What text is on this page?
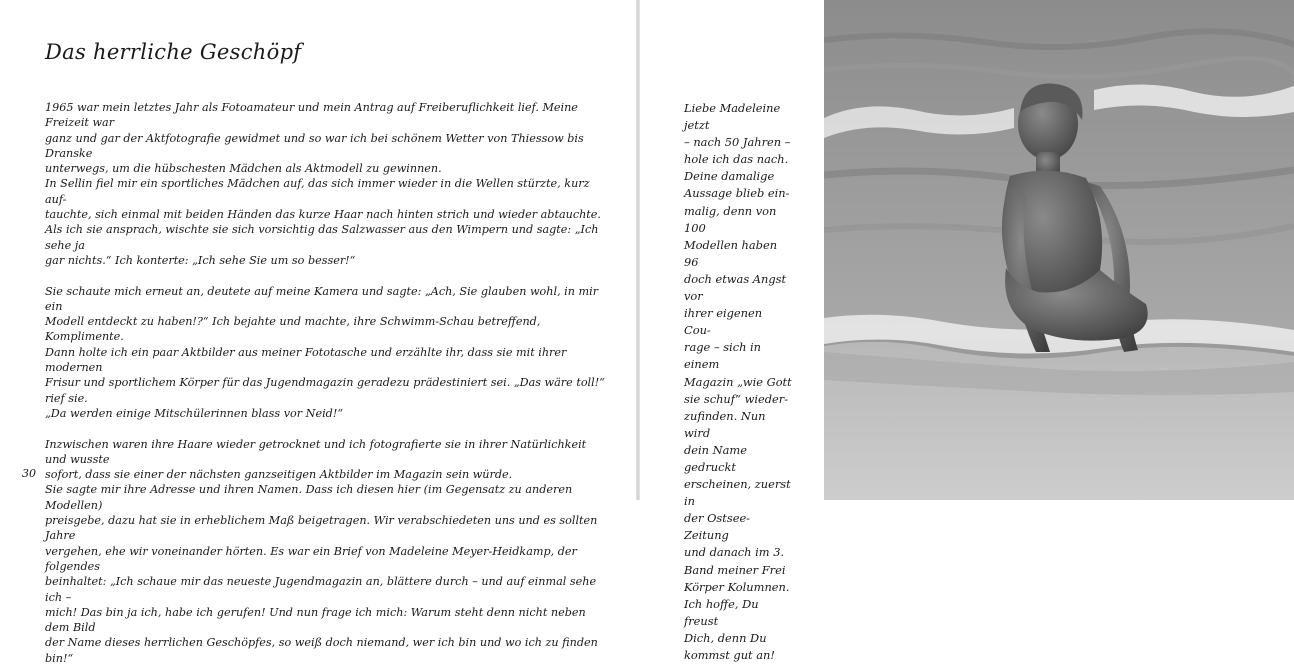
Das herrliche Geschöpf

1965 war mein letztes Jahr als Fotoamateur und mein Antrag auf Freiberuflichkeit lief. Meine Freizeit war

ganz und gar der Aktfotografie gewidmet und so war ich bei schönem Wetter von Thiessow bis Dranske

unterwegs, um die hübschesten Mädchen als Aktmodell zu gewinnen.

In Sellin fiel mir ein sportliches Mädchen auf, das sich immer wieder in die Wellen stürzte, kurz auf-

tauchte, sich einmal mit beiden Händen das kurze Haar nach hinten strich und wieder abtauchte.

Als ich sie ansprach, wischte sie sich vorsichtig das Salzwasser aus den Wimpern und sagte: „Ich sehe ja

gar nichts.“ Ich konterte: „Ich sehe Sie um so besser!“

Sie schaute mich erneut an, deutete auf meine Kamera und sagte: „Ach, Sie glauben wohl, in mir ein

Modell entdeckt zu haben!?“ Ich bejahte und machte, ihre Schwimm-Schau betreffend, Komplimente.

Dann holte ich ein paar Aktbilder aus meiner Fototasche und erzählte ihr, dass sie mit ihrer modernen

Frisur und sportlichem Körper für das Jugendmagazin geradezu prädestiniert sei. „Das wäre toll!“ rief sie.

„Da werden einige Mitschülerinnen blass vor Neid!“

Inzwischen waren ihre Haare wieder getrocknet und ich fotografierte sie in ihrer Natürlichkeit und wusste

sofort, dass sie einer der nächsten ganzseitigen Aktbilder im Magazin sein würde.

Sie sagte mir ihre Adresse und ihren Namen. Dass ich diesen hier (im Gegensatz zu anderen Modellen)

preisgebe, dazu hat sie in erheblichem Maß beigetragen. Wir verabschiedeten uns und es sollten Jahre

vergehen, ehe wir voneinander hörten. Es war ein Brief von Madeleine Meyer-Heidkamp, der folgendes

beinhaltet: „Ich schaue mir das neueste Jugendmagazin an, blättere durch – und auf einmal sehe ich –

mich! Das bin ja ich, habe ich gerufen! Und nun frage ich mich: Warum steht denn nicht neben dem Bild

der Name dieses herrlichen Geschöpfes, so weiß doch niemand, wer ich bin und wo ich zu finden bin!“

30

Liebe Madeleine jetzt

– nach 50 Jahren –

hole ich das nach.

Deine damalige

Aussage blieb ein-

malig, denn von 100

Modellen haben 96

doch etwas Angst vor

ihrer eigenen Cou-

rage – sich in einem

Magazin „wie Gott

sie schuf“ wieder-

zufinden. Nun wird

dein Name gedruckt

erscheinen, zuerst in

der Ostsee-Zeitung

und danach im 3.

Band meiner Frei

Körper Kolumnen.

Ich hoffe, Du freust

Dich, denn Du

kommst gut an!
